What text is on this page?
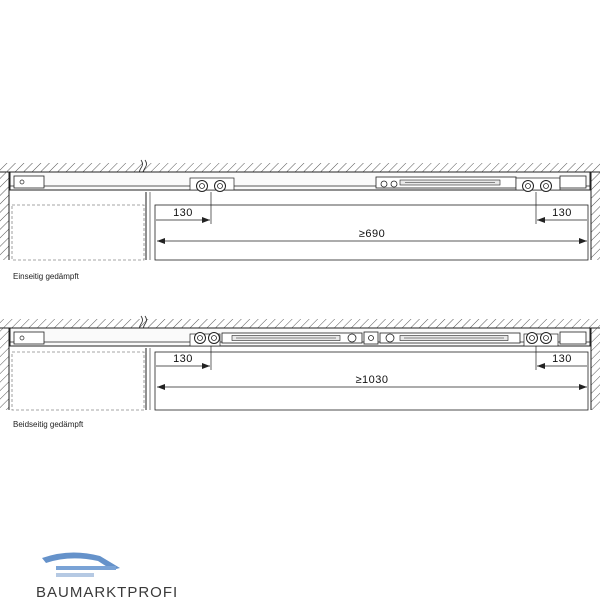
130	130
≥690
Einseitig gedämpft
130	130
≥1030
Beidseitig gedämpft
BAUMARKTPROFI
